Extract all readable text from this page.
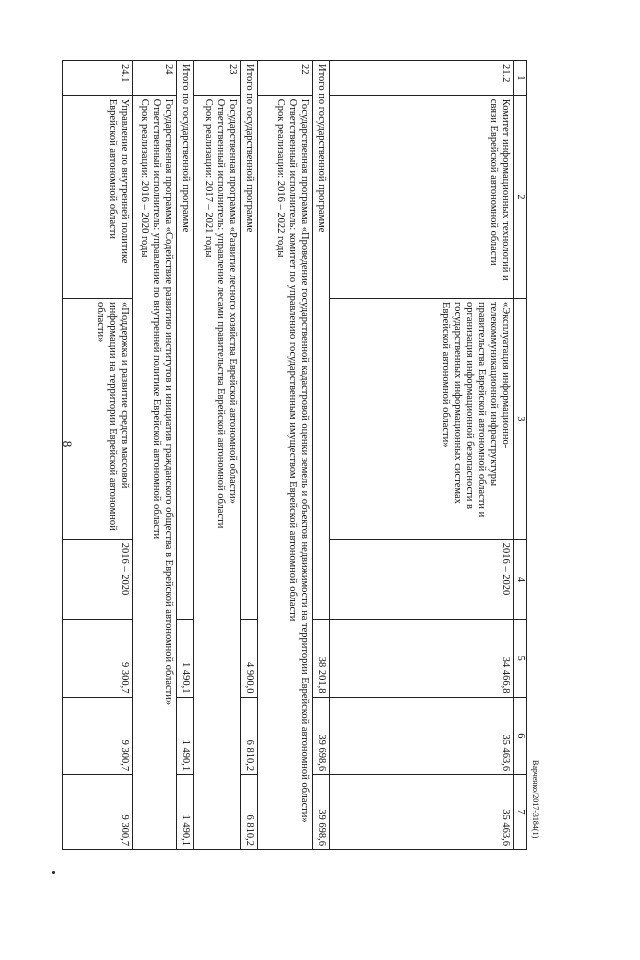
8
Варченко/2017-3184(1)
1	2	3	4	5	6	7
21.2	Комитет информационных технологий и связи Еврейской автономной области	«Эксплуатация информационно-телекоммуникационной инфраструктуры правительства Еврейской автономной области и организация информационной безопасности в государственных информационных системах Еврейской автономной области»	2016 – 2020	34 466,8	35 463,6	35 463,6
Итого по государственной программе				38 201,8	39 698,6	39 698,6
22	Государственная программа «Проведение государственной кадастровой оценки земель и объектов недвижимости на территории Еврейской автономной области»
Ответственный исполнитель: комитет по управлению государственным имуществом Еврейской автономной области
Срок реализации: 2016 – 2022 годы					

Итого по государственной программе				4 900,0	6 810,2	6 810,2
23	Государственная программа «Развитие лесного хозяйства Еврейской автономной области»
Ответственный исполнитель: управление лесами правительства Еврейской автономной области
Срок реализации: 2017 – 2021 годы					

Итого по государственной программе				1 490,1	1 490,1	1 490,1
24	Государственная программа «Содействие развитию институтов и инициатив гражданского общества в Еврейской автономной области»
Ответственный исполнитель: управление по внутренней политике Еврейской автономной области
Срок реализации: 2016 – 2020 годы					

24.1	Управление по внутренней политике Еврейской автономной области	«Поддержка и развитие средств массовой информации на территории Еврейской автономной области»	2016 – 2020	9 300,7	9 300,7	9 300,7
